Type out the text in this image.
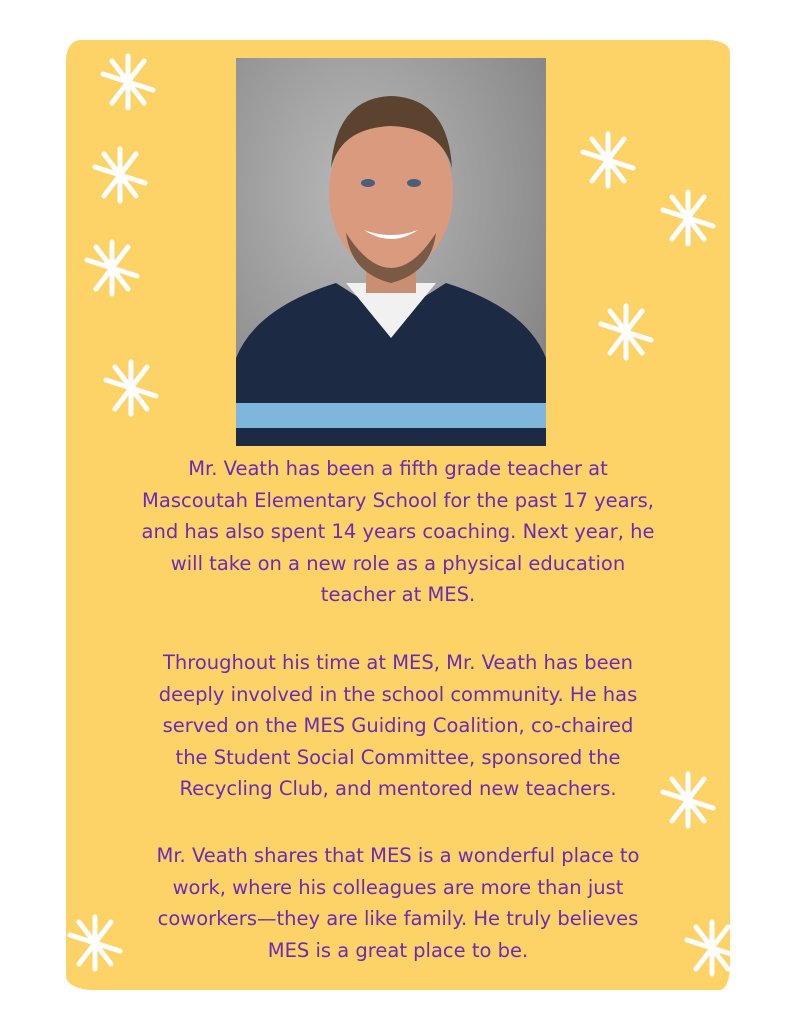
Mr. Veath has been a fifth grade teacher at
Mascoutah Elementary School for the past 17 years,
and has also spent 14 years coaching. Next year, he
will take on a new role as a physical education
teacher at MES.
Throughout his time at MES, Mr. Veath has been
deeply involved in the school community. He has
served on the MES Guiding Coalition, co-chaired
the Student Social Committee, sponsored the
Recycling Club, and mentored new teachers.
Mr. Veath shares that MES is a wonderful place to
work, where his colleagues are more than just
coworkers—they are like family. He truly believes
MES is a great place to be.
